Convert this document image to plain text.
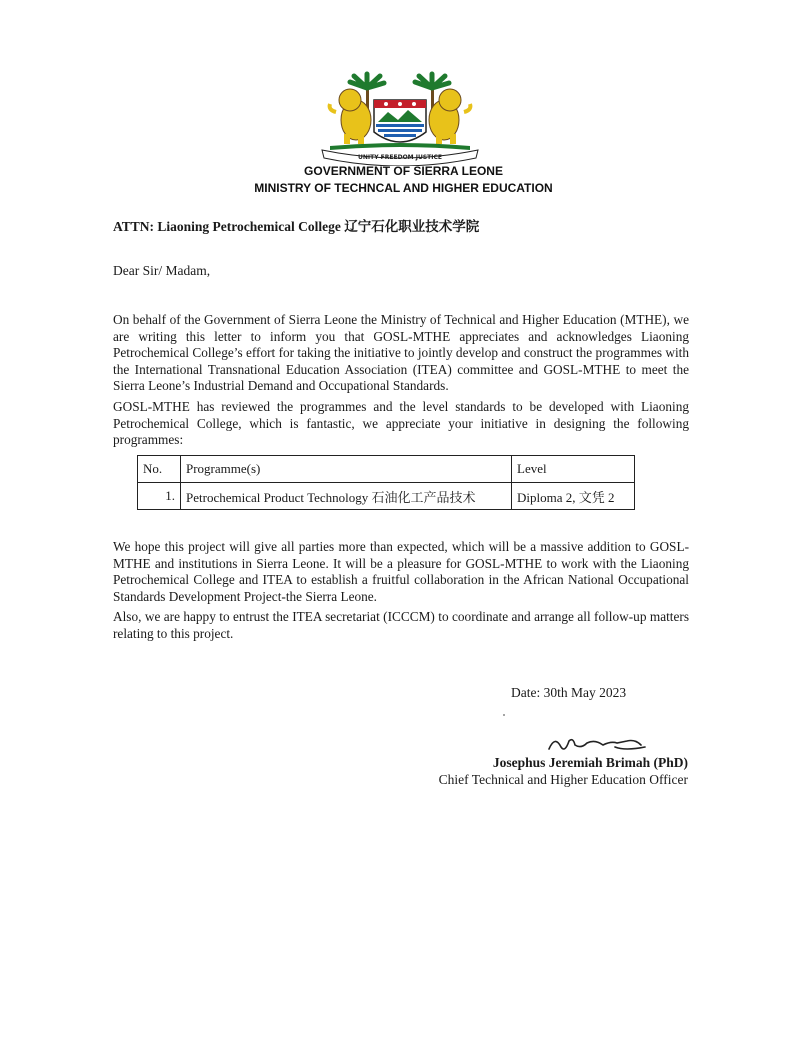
UNITY FREEDOM JUSTICE
GOVERNMENT OF SIERRA LEONE
MINISTRY OF TECHNCAL AND HIGHER EDUCATION
ATTN: Liaoning Petrochemical College 辽宁石化职业技术学院
Dear Sir/ Madam,

On behalf of the Government of Sierra Leone the Ministry of Technical and Higher Education (MTHE), we are writing this letter to inform you that GOSL-MTHE appreciates and acknowledges Liaoning Petrochemical College’s effort for taking the initiative to jointly develop and construct the programmes with the International Transnational Education Association (ITEA) committee and GOSL-MTHE to meet the Sierra Leone’s Industrial Demand and Occupational Standards.

GOSL-MTHE has reviewed the programmes and the level standards to be developed with Liaoning Petrochemical College, which is fantastic, we appreciate your initiative in designing the following programmes:

No.	Programme(s)	Level
1.	Petrochemical Product Technology 石油化工产品技术	Diploma 2, 文凭 2

We hope this project will give all parties more than expected, which will be a massive addition to GOSL-MTHE and institutions in Sierra Leone. It will be a pleasure for GOSL-MTHE to work with the Liaoning Petrochemical College and ITEA to establish a fruitful collaboration in the African National Occupational Standards Development Project-the Sierra Leone.

Also, we are happy to entrust the ITEA secretariat (ICCCM) to coordinate and arrange all follow-up matters relating to this project.

Date: 30th May 2023
Josephus Jeremiah Brimah (PhD)
Chief Technical and Higher Education Officer
